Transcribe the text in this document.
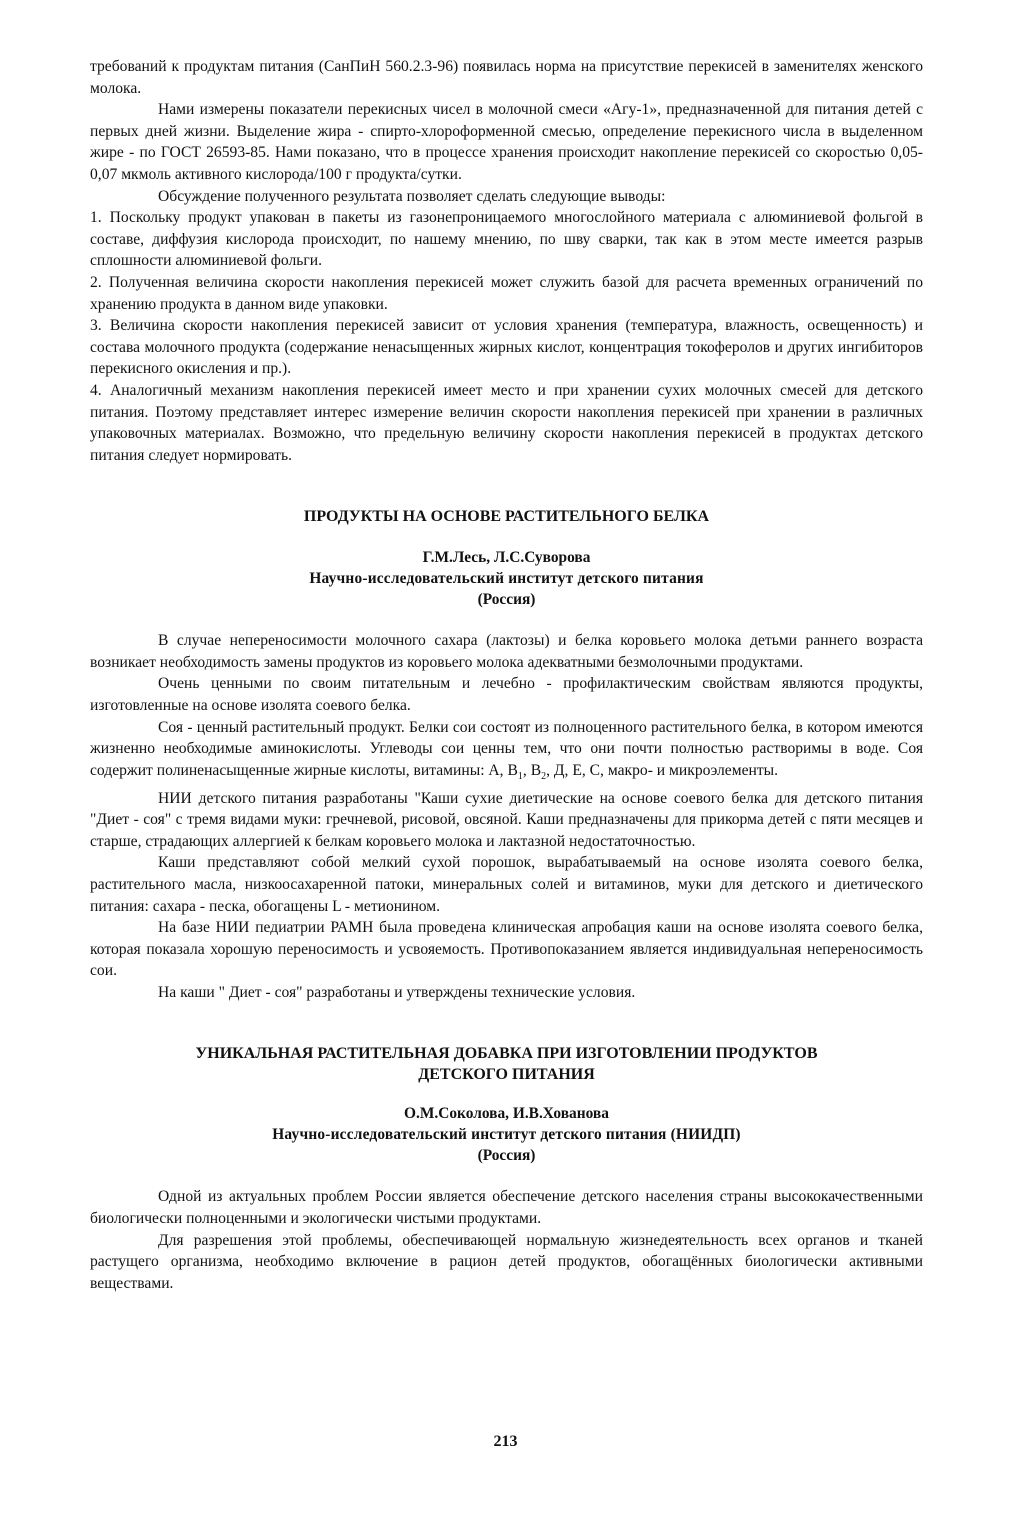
требований к продуктам питания (СанПиН 560.2.3-96) появилась норма на присутствие перекисей в заменителях женского молока.

Нами измерены показатели перекисных чисел в молочной смеси «Агу-1», предназначенной для питания детей с первых дней жизни. Выделение жира - спирто-хлороформенной смесью, определение перекисного числа в выделенном жире - по ГОСТ 26593-85. Нами показано, что в процессе хранения происходит накопление перекисей со скоростью 0,05-0,07 мкмоль активного кислорода/100 г продукта/сутки.

Обсуждение полученного результата позволяет сделать следующие выводы:

1. Поскольку продукт упакован в пакеты из газонепроницаемого многослойного материала с алюминиевой фольгой в составе, диффузия кислорода происходит, по нашему мнению, по шву сварки, так как в этом месте имеется разрыв сплошности алюминиевой фольги.

2. Полученная величина скорости накопления перекисей может служить базой для расчета временных ограничений по хранению продукта в данном виде упаковки.

3. Величина скорости накопления перекисей зависит от условия хранения (температура, влажность, освещенность) и состава молочного продукта (содержание ненасыщенных жирных кислот, концентрация токоферолов и других ингибиторов перекисного окисления и пр.).

4. Аналогичный механизм накопления перекисей имеет место и при хранении сухих молочных смесей для детского питания. Поэтому представляет интерес измерение величин скорости накопления перекисей при хранении в различных упаковочных материалах. Возможно, что предельную величину скорости накопления перекисей в продуктах детского питания следует нормировать.

ПРОДУКТЫ НА ОСНОВЕ РАСТИТЕЛЬНОГО БЕЛКА
Г.М.Лесь, Л.С.Суворова
Научно-исследовательский институт детского питания
(Россия)

В случае непереносимости молочного сахара (лактозы) и белка коровьего молока детьми раннего возраста возникает необходимость замены продуктов из коровьего молока адекватными безмолочными продуктами.

Очень ценными по своим питательным и лечебно - профилактическим свойствам являются продукты, изготовленные на основе изолята соевого белка.

Соя - ценный растительный продукт. Белки сои состоят из полноценного растительного белка, в котором имеются жизненно необходимые аминокислоты. Углеводы сои ценны тем, что они почти полностью растворимы в воде. Соя содержит полиненасыщенные жирные кислоты, витамины: А, $В_1$, $В_2$, Д, Е, С, макро- и микроэлементы.

НИИ детского питания разработаны "Каши сухие диетические на основе соевого белка для детского питания "Диет - соя" с тремя видами муки: гречневой, рисовой, овсяной. Каши предназначены для прикорма детей с пяти месяцев и старше, страдающих аллергией к белкам коровьего молока и лактазной недостаточностью.

Каши представляют собой мелкий сухой порошок, вырабатываемый на основе изолята соевого белка, растительного масла, низкоосахаренной патоки, минеральных солей и витаминов, муки для детского и диетического питания: сахара - песка, обогащены L - метионином.

На базе НИИ педиатрии РАМН была проведена клиническая апробация каши на основе изолята соевого белка, которая показала хорошую переносимость и усвояемость. Противопоказанием является индивидуальная непереносимость сои.

На каши " Диет - соя" разработаны и утверждены технические условия.

УНИКАЛЬНАЯ РАСТИТЕЛЬНАЯ ДОБАВКА ПРИ ИЗГОТОВЛЕНИИ ПРОДУКТОВ
ДЕТСКОГО ПИТАНИЯ
О.М.Соколова, И.В.Хованова
Научно-исследовательский институт детского питания (НИИДП)
(Россия)

Одной из актуальных проблем России является обеспечение детского населения страны высококачественными биологически полноценными и экологически чистыми продуктами.

Для разрешения этой проблемы, обеспечивающей нормальную жизнедеятельность всех органов и тканей растущего организма, необходимо включение в рацион детей продуктов, обогащённых биологически активными веществами.

213
